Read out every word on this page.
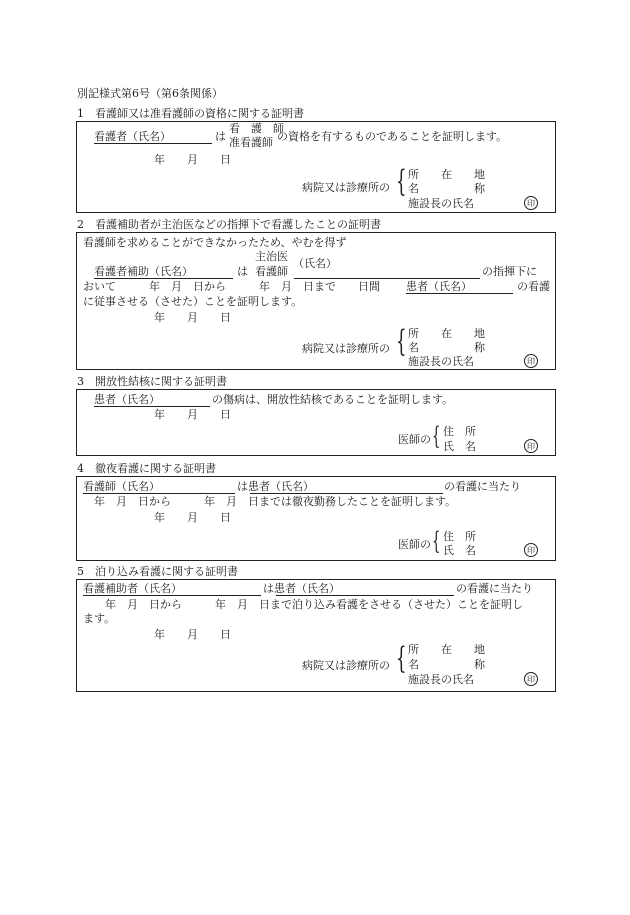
別記様式第6号（第6条関係）
1　看護師又は准看護師の資格に関する証明書
看護者（氏名）	は
看　護　師
准看護師 の資格を有するものであることを証明します。
年　　月　　日
病院又は診療所の { 所　　在　　地
名　　　　　称
施設長の氏名	印
2　看護補助者が主治医などの指揮下で看護したことの証明書
看護師を求めることができなかったため、やむを得ず
主治医
（氏名）
看護者補助（氏名）	は 看護師	の指揮下に
おいて　　　年　月　日から　　　年　月　日まで　　日間 患者（氏名）	の看護
に従事させる（させた）ことを証明します。
年　　月　　日
病院又は診療所の { 所　　在　　地
名　　　　　称
施設長の氏名	印
3　開放性結核に関する証明書
患者（氏名）	の傷病は、開放性結核であることを証明します。
年　　月　　日
医師の { 住　所
氏　名	印
4　徹夜看護に関する証明書
看護師（氏名）	は患者（氏名）	の看護に当たり
年　月　日から　　　年　月　日までは徹夜勤務したことを証明します。
年　　月　　日
医師の { 住　所
氏　名	印
5　泊り込み看護に関する証明書
看護補助者（氏名）	は患者（氏名）	の看護に当たり
年　月　日から　　　年　月　日まで泊り込み看護をさせる（させた）ことを証明し
ます。
年　　月　　日
病院又は診療所の { 所　　在　　地
名　　　　　称
施設長の氏名	印
